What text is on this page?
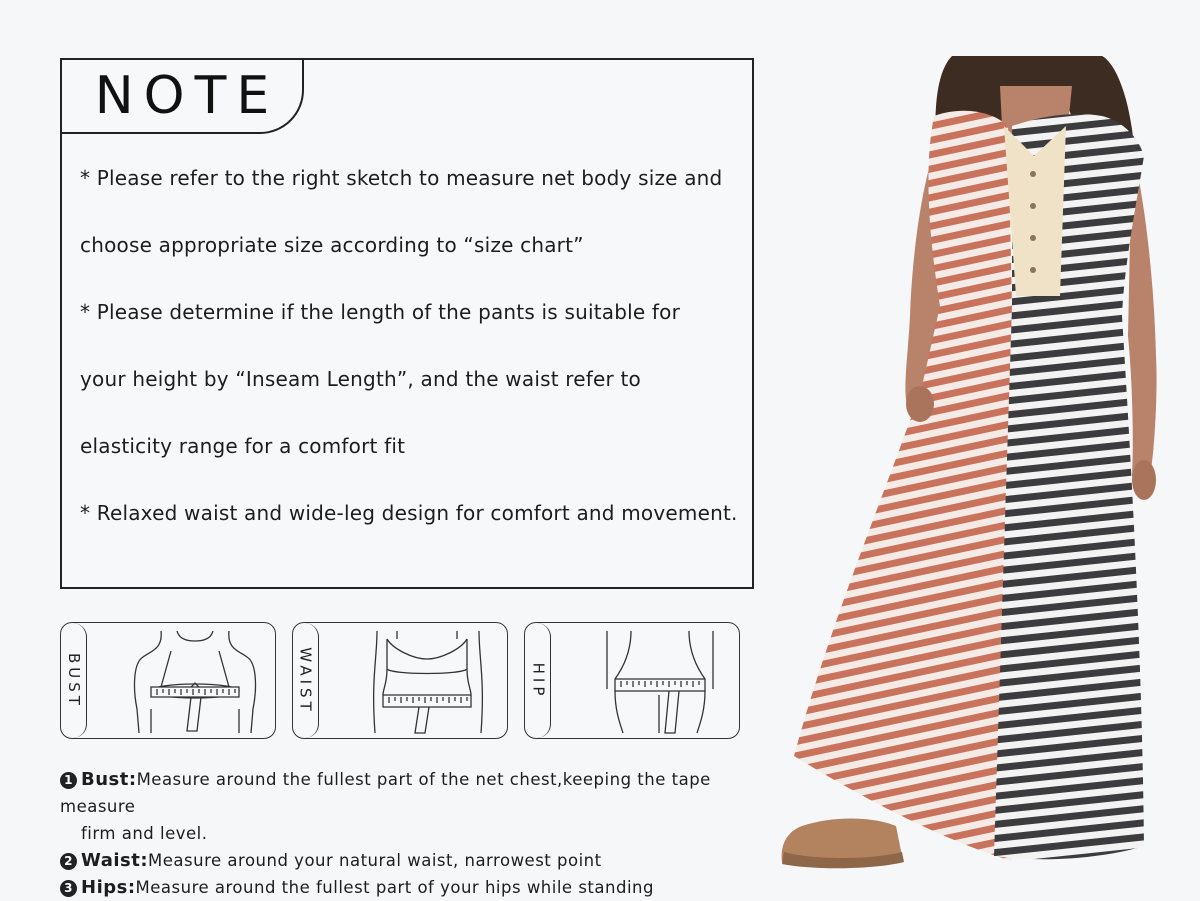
NOTE
* Please refer to the right sketch to measure net body size and
choose appropriate size according to “size chart”
* Please determine if the length of the pants is suitable for
your height by “Inseam Length”, and the waist refer to
elasticity range for a comfort fit
* Relaxed waist and wide-leg design for comfort and movement.
BUST	WAIST	HIP
1 Bust:Measure around the fullest part of the net chest,keeping the tape measure
firm and level.
2 Waist:Measure around your natural waist, narrowest point
3 Hips:Measure around the fullest part of your hips while standing
